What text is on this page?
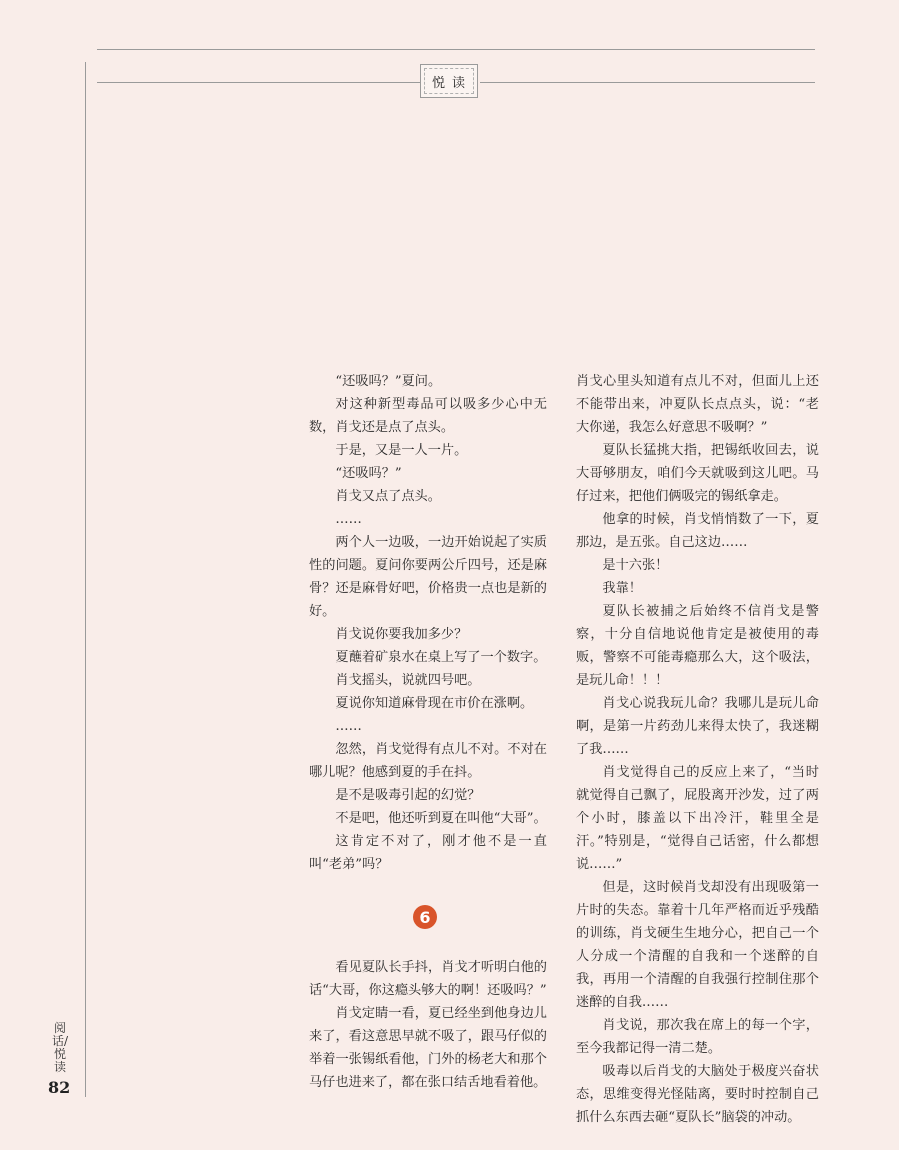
悦读

“还吸吗？”夏问。

对这种新型毒品可以吸多少心中无数，肖戈还是点了点头。

于是，又是一人一片。

“还吸吗？”

肖戈又点了点头。

……

两个人一边吸，一边开始说起了实质性的问题。夏问你要两公斤四号，还是麻骨？还是麻骨好吧，价格贵一点也是新的好。

肖戈说你要我加多少？

夏蘸着矿泉水在桌上写了一个数字。

肖戈摇头，说就四号吧。

夏说你知道麻骨现在市价在涨啊。

……

忽然，肖戈觉得有点儿不对。不对在哪儿呢？他感到夏的手在抖。

是不是吸毒引起的幻觉？

不是吧，他还听到夏在叫他“大哥”。

这肯定不对了，刚才他不是一直叫“老弟”吗？

6

看见夏队长手抖，肖戈才听明白他的话“大哥，你这瘾头够大的啊！还吸吗？”

肖戈定睛一看，夏已经坐到他身边儿来了，看这意思早就不吸了，跟马仔似的举着一张锡纸看他，门外的杨老大和那个马仔也进来了，都在张口结舌地看着他。

肖戈心里头知道有点儿不对，但面儿上还不能带出来，冲夏队长点点头，说：“老大你递，我怎么好意思不吸啊？”

夏队长猛挑大指，把锡纸收回去，说大哥够朋友，咱们今天就吸到这儿吧。马仔过来，把他们俩吸完的锡纸拿走。

他拿的时候，肖戈悄悄数了一下，夏那边，是五张。自己这边……

是十六张！

我靠！

夏队长被捕之后始终不信肖戈是警察，十分自信地说他肯定是被使用的毒贩，警察不可能毒瘾那么大，这个吸法，是玩儿命！！！

肖戈心说我玩儿命？我哪儿是玩儿命啊，是第一片药劲儿来得太快了，我迷糊了我……

肖戈觉得自己的反应上来了，“当时就觉得自己飘了，屁股离开沙发，过了两个小时，膝盖以下出冷汗，鞋里全是汗。”特别是，“觉得自己话密，什么都想说……”

但是，这时候肖戈却没有出现吸第一片时的失态。靠着十几年严格而近乎残酷的训练，肖戈硬生生地分心，把自己一个人分成一个清醒的自我和一个迷醉的自我，再用一个清醒的自我强行控制住那个迷醉的自我……

肖戈说，那次我在席上的每一个字，至今我都记得一清二楚。

吸毒以后肖戈的大脑处于极度兴奋状态，思维变得光怪陆离，要时时控制自己抓什么东西去砸“夏队长”脑袋的冲动。

阅话/悦读
82
